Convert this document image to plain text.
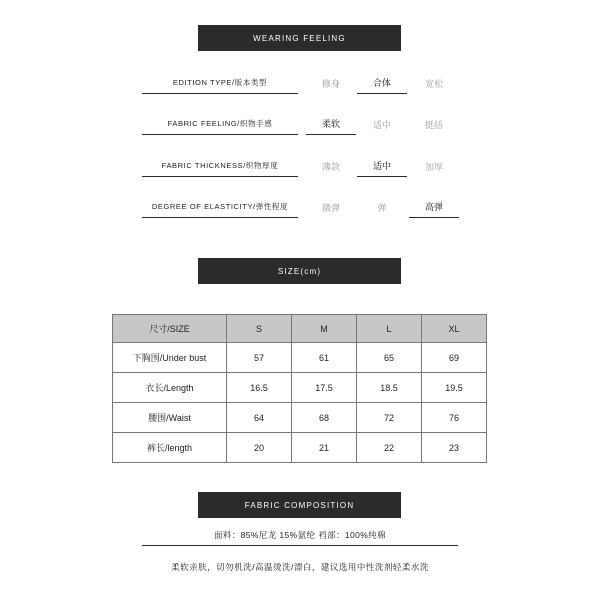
WEARING FEELING
EDITION TYPE/版本类型	修身	合体	宽松
FABRIC FEELING/织物手感	柔软	适中	挺括
FABRIC THICKNESS/织物厚度	薄款	适中	加厚
DEGREE OF ELASTICITY/弹性程度	微弹	弹	高弹
SIZE(cm)
尺寸/SIZE	S	M	L	XL
下胸围/Under bust	57	61	65	69
衣长/Length	16.5	17.5	18.5	19.5
腰围/Waist	64	68	72	76
裤长/length	20	21	22	23
FABRIC COMPOSITION
面料：85%尼龙 15%氨纶 裆部：100%纯棉
柔软亲肤，切勿机洗/高温烫洗/漂白，建议选用中性洗剂轻柔水洗
